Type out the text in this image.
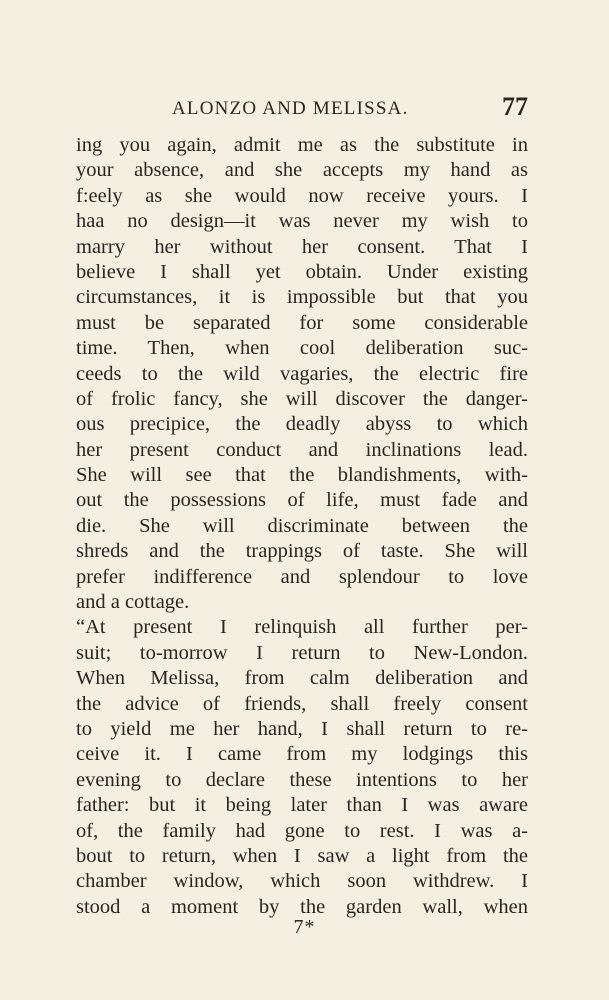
ALONZO AND MELISSA.	77
ing you again, admit me as the substitute in
your absence, and she accepts my hand as
f:eely as she would now receive yours. I
haa no design—it was never my wish to
marry her without her consent. That I
believe I shall yet obtain. Under existing
circumstances, it is impossible but that you
must be separated for some considerable
time. Then, when cool deliberation suc-
ceeds to the wild vagaries, the electric fire
of frolic fancy, she will discover the danger-
ous precipice, the deadly abyss to which
her present conduct and inclinations lead.
She will see that the blandishments, with-
out the possessions of life, must fade and
die. She will discriminate between the
shreds and the trappings of taste. She will
prefer indifference and splendour to love
and a cottage.
“At present I relinquish all further per-
suit; to-morrow I return to New-London.
When Melissa, from calm deliberation and
the advice of friends, shall freely consent
to yield me her hand, I shall return to re-
ceive it. I came from my lodgings this
evening to declare these intentions to her
father: but it being later than I was aware
of, the family had gone to rest. I was a-
bout to return, when I saw a light from the
chamber window, which soon withdrew. I
stood a moment by the garden wall, when
7*
